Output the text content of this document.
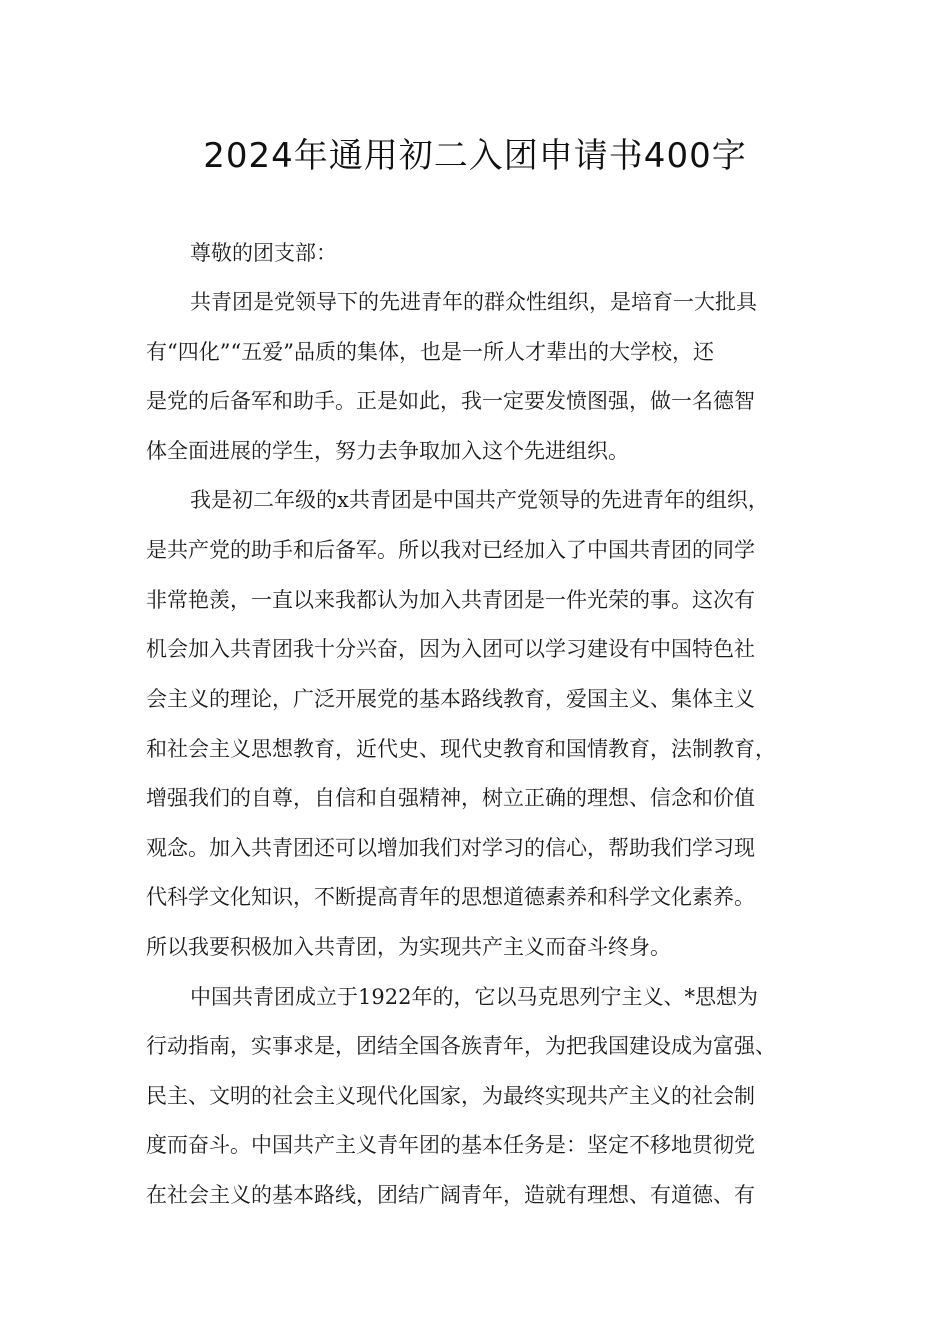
2024年通用初二入团申请书400字
尊敬的团支部：
共青团是党领导下的先进青年的群众性组织，是培育一大批具
有“四化”“五爱”品质的集体，也是一所人才辈出的大学校，还
是党的后备军和助手。正是如此，我一定要发愤图强，做一名德智
体全面进展的学生，努力去争取加入这个先进组织。
我是初二年级的x共青团是中国共产党领导的先进青年的组织，
是共产党的助手和后备军。所以我对已经加入了中国共青团的同学
非常艳羡，一直以来我都认为加入共青团是一件光荣的事。这次有
机会加入共青团我十分兴奋，因为入团可以学习建设有中国特色社
会主义的理论，广泛开展党的基本路线教育，爱国主义、集体主义
和社会主义思想教育，近代史、现代史教育和国情教育，法制教育，
增强我们的自尊，自信和自强精神，树立正确的理想、信念和价值
观念。加入共青团还可以增加我们对学习的信心，帮助我们学习现
代科学文化知识，不断提高青年的思想道德素养和科学文化素养。
所以我要积极加入共青团，为实现共产主义而奋斗终身。
中国共青团成立于1922年的，它以马克思列宁主义、*思想为
行动指南，实事求是，团结全国各族青年，为把我国建设成为富强、
民主、文明的社会主义现代化国家，为最终实现共产主义的社会制
度而奋斗。中国共产主义青年团的基本任务是：坚定不移地贯彻党
在社会主义的基本路线，团结广阔青年，造就有理想、有道德、有
